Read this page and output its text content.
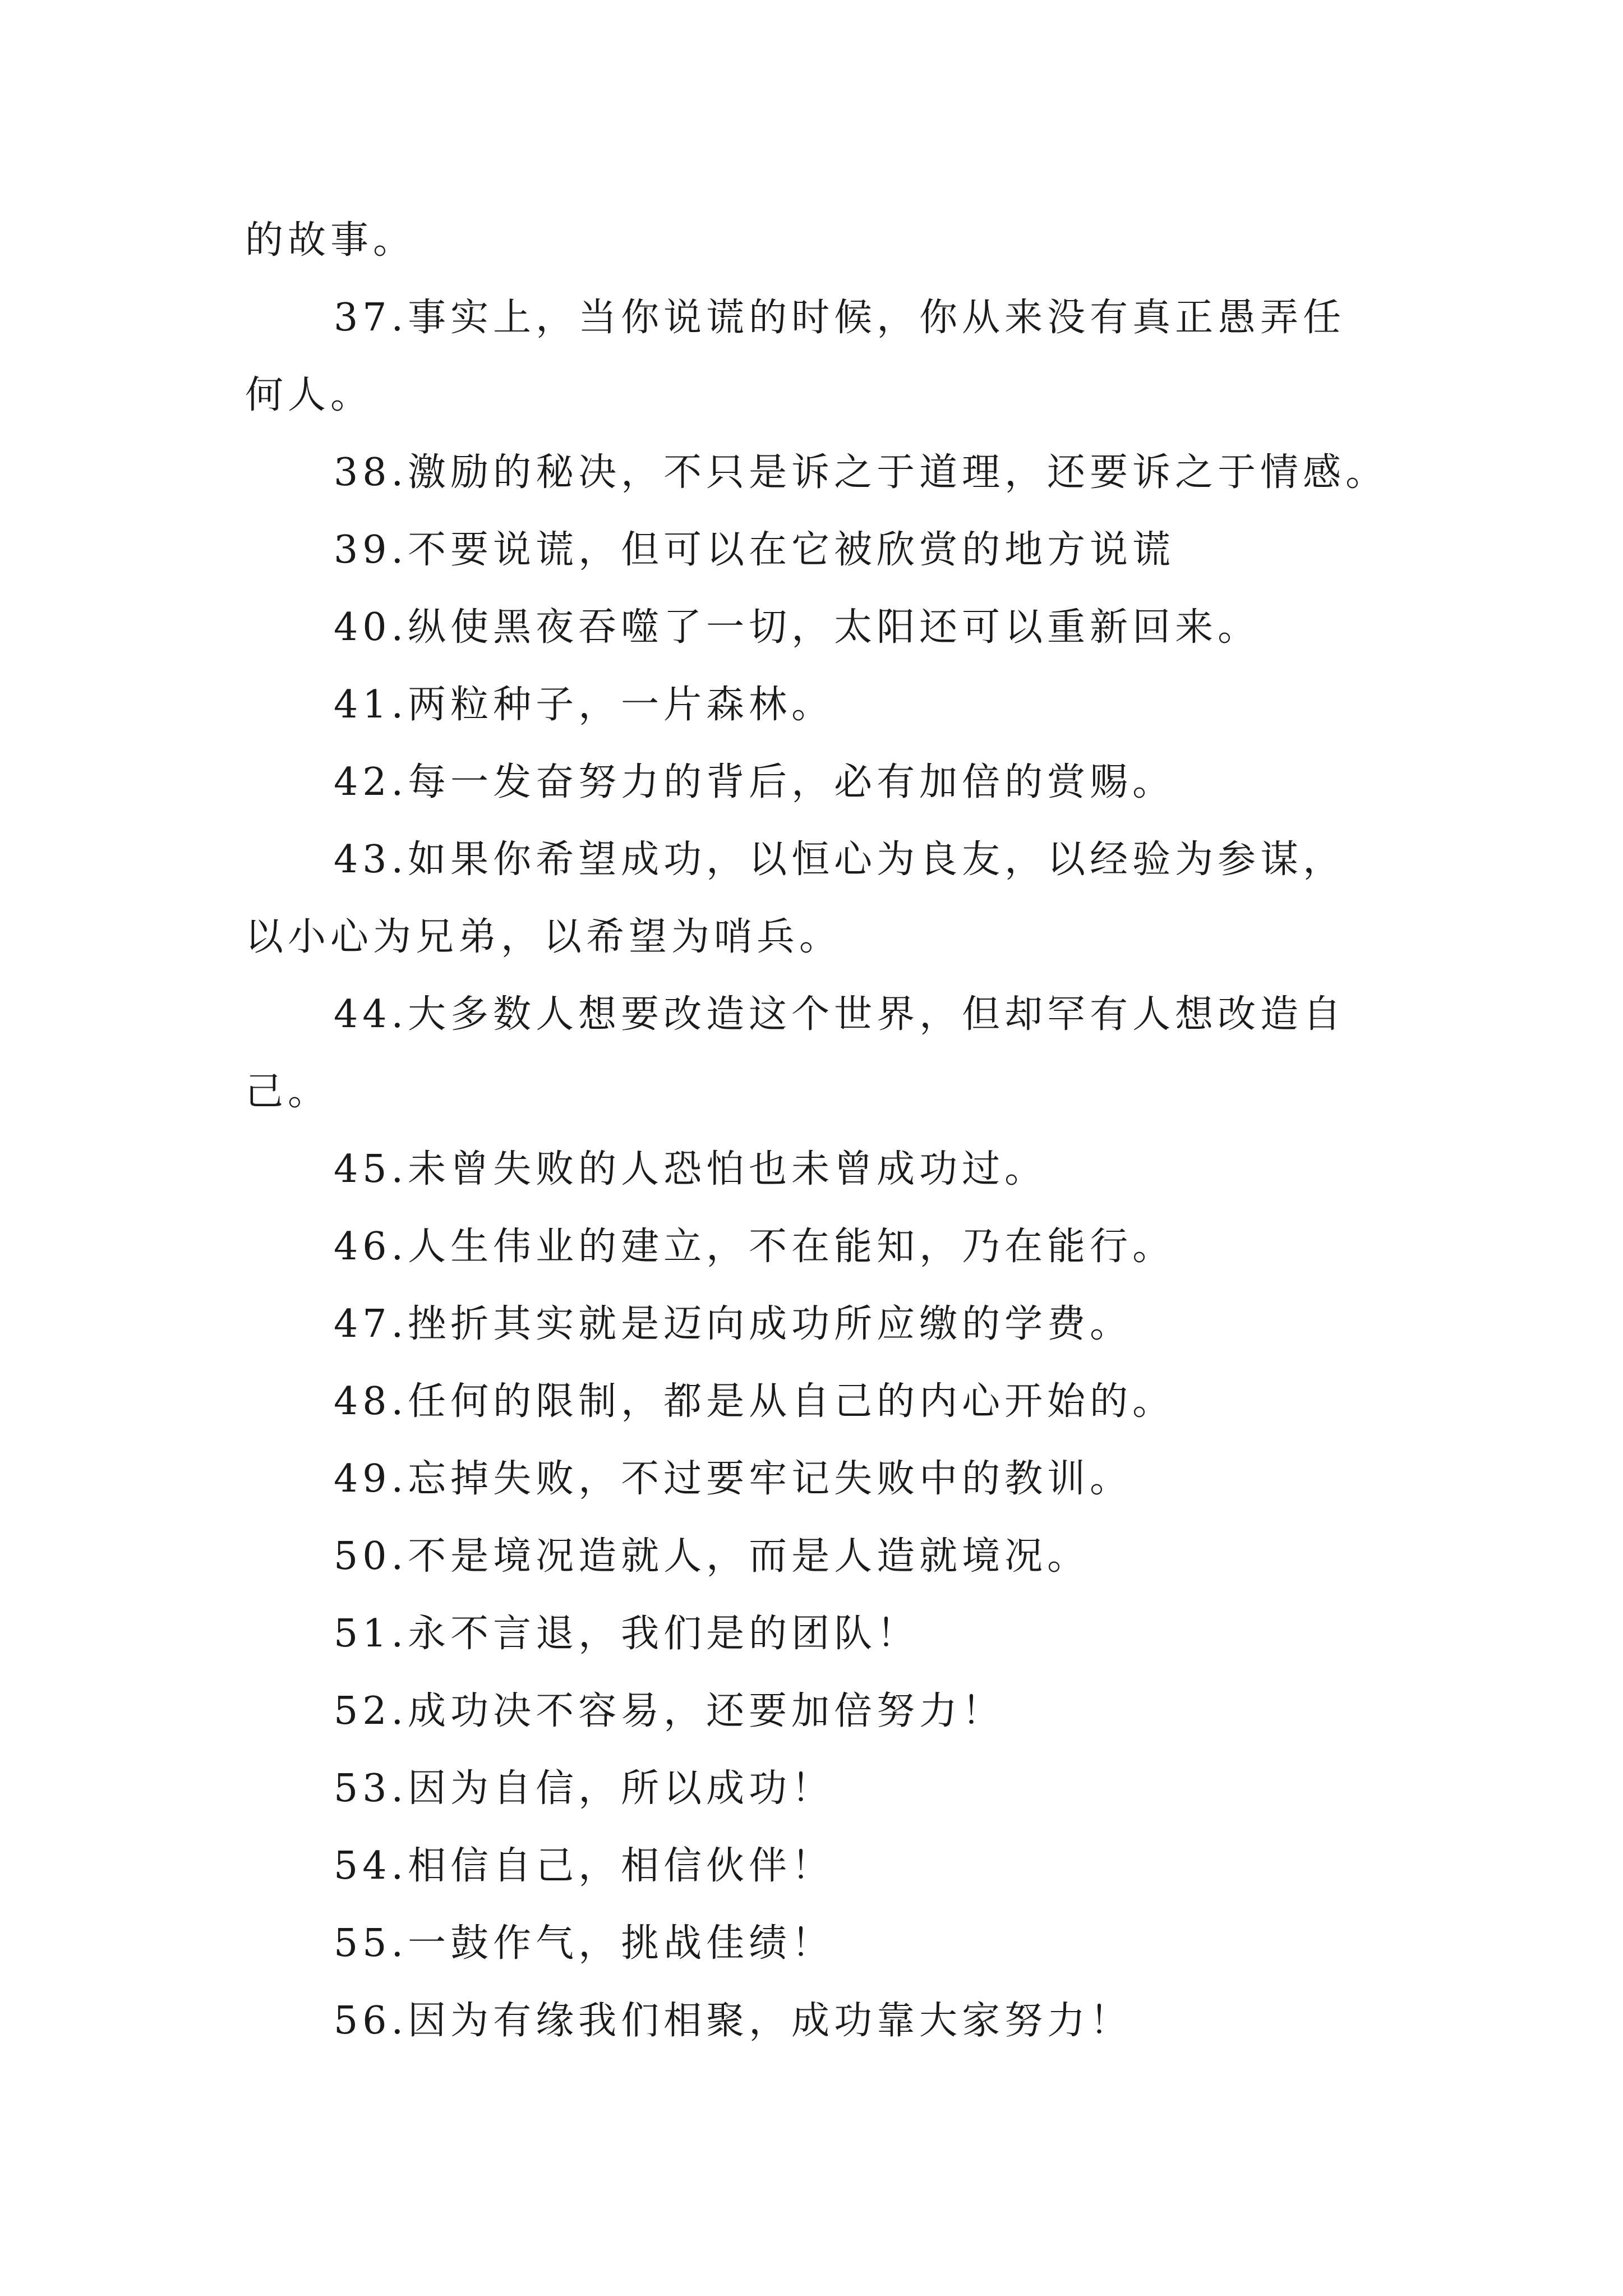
的故事。
37.事实上，当你说谎的时候，你从来没有真正愚弄任
何人。
38.激励的秘决，不只是诉之于道理，还要诉之于情感。
39.不要说谎，但可以在它被欣赏的地方说谎
40.纵使黑夜吞噬了一切，太阳还可以重新回来。
41.两粒种子，一片森林。
42.每一发奋努力的背后，必有加倍的赏赐。
43.如果你希望成功，以恒心为良友，以经验为参谋，
以小心为兄弟，以希望为哨兵。
44.大多数人想要改造这个世界，但却罕有人想改造自
己。
45.未曾失败的人恐怕也未曾成功过。
46.人生伟业的建立，不在能知，乃在能行。
47.挫折其实就是迈向成功所应缴的学费。
48.任何的限制，都是从自己的内心开始的。
49.忘掉失败，不过要牢记失败中的教训。
50.不是境况造就人，而是人造就境况。
51.永不言退，我们是的团队！
52.成功决不容易，还要加倍努力！
53.因为自信，所以成功！
54.相信自己，相信伙伴！
55.一鼓作气，挑战佳绩！
56.因为有缘我们相聚，成功靠大家努力！
